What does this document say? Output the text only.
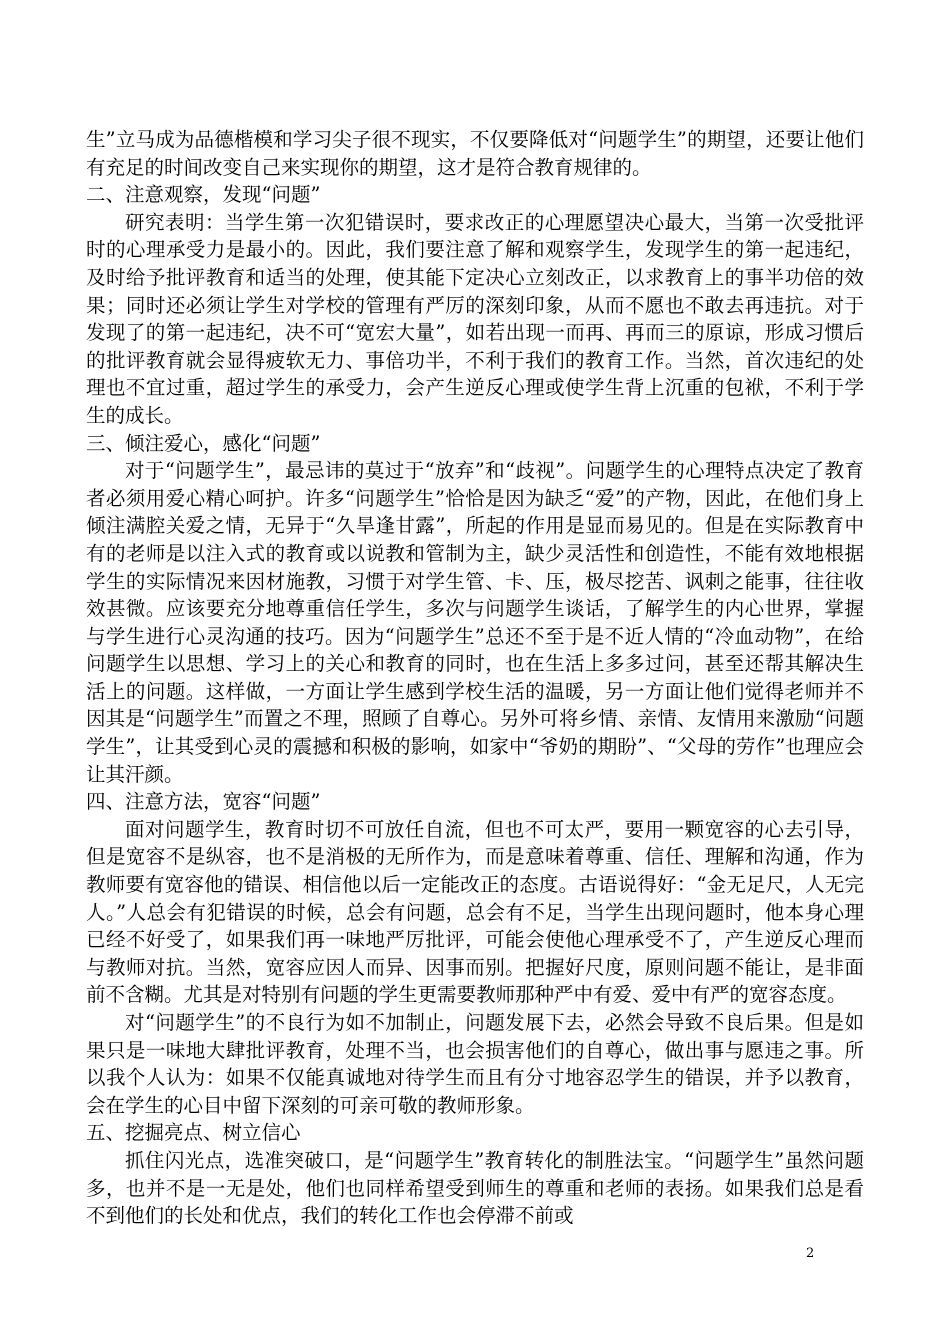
生”立马成为品德楷模和学习尖子很不现实，不仅要降低对“问题学生”的期望，还要让他们有充足的时间改变自己来实现你的期望，这才是符合教育规律的。

二、注意观察，发现“问题”

研究表明：当学生第一次犯错误时，要求改正的心理愿望决心最大，当第一次受批评时的心理承受力是最小的。因此，我们要注意了解和观察学生，发现学生的第一起违纪，及时给予批评教育和适当的处理，使其能下定决心立刻改正，以求教育上的事半功倍的效果；同时还必须让学生对学校的管理有严厉的深刻印象，从而不愿也不敢去再违抗。对于发现了的第一起违纪，决不可“宽宏大量”，如若出现一而再、再而三的原谅，形成习惯后的批评教育就会显得疲软无力、事倍功半，不利于我们的教育工作。当然，首次违纪的处理也不宜过重，超过学生的承受力，会产生逆反心理或使学生背上沉重的包袱，不利于学生的成长。

三、倾注爱心，感化“问题”

对于“问题学生”，最忌讳的莫过于“放弃”和“歧视”。问题学生的心理特点决定了教育者必须用爱心精心呵护。许多“问题学生”恰恰是因为缺乏“爱”的产物，因此，在他们身上倾注满腔关爱之情，无异于“久旱逢甘露”，所起的作用是显而易见的。但是在实际教育中有的老师是以注入式的教育或以说教和管制为主，缺少灵活性和创造性，不能有效地根据学生的实际情况来因材施教，习惯于对学生管、卡、压，极尽挖苦、讽刺之能事，往往收效甚微。应该要充分地尊重信任学生，多次与问题学生谈话，了解学生的内心世界，掌握与学生进行心灵沟通的技巧。因为“问题学生”总还不至于是不近人情的“冷血动物”，在给问题学生以思想、学习上的关心和教育的同时，也在生活上多多过问，甚至还帮其解决生活上的问题。这样做，一方面让学生感到学校生活的温暖，另一方面让他们觉得老师并不因其是“问题学生”而置之不理，照顾了自尊心。另外可将乡情、亲情、友情用来激励“问题学生”，让其受到心灵的震撼和积极的影响，如家中“爷奶的期盼”、“父母的劳作”也理应会让其汗颜。

四、注意方法，宽容“问题”

面对问题学生，教育时切不可放任自流，但也不可太严，要用一颗宽容的心去引导，但是宽容不是纵容，也不是消极的无所作为，而是意味着尊重、信任、理解和沟通，作为教师要有宽容他的错误、相信他以后一定能改正的态度。古语说得好：“金无足尺，人无完人。”人总会有犯错误的时候，总会有问题，总会有不足，当学生出现问题时，他本身心理已经不好受了，如果我们再一味地严厉批评，可能会使他心理承受不了，产生逆反心理而与教师对抗。当然，宽容应因人而异、因事而别。把握好尺度，原则问题不能让，是非面前不含糊。尤其是对特别有问题的学生更需要教师那种严中有爱、爱中有严的宽容态度。

对“问题学生”的不良行为如不加制止，问题发展下去，必然会导致不良后果。但是如果只是一味地大肆批评教育，处理不当，也会损害他们的自尊心，做出事与愿违之事。所以我个人认为：如果不仅能真诚地对待学生而且有分寸地容忍学生的错误，并予以教育，会在学生的心目中留下深刻的可亲可敬的教师形象。

五、挖掘亮点、树立信心

抓住闪光点，选准突破口，是“问题学生”教育转化的制胜法宝。“问题学生”虽然问题多，也并不是一无是处，他们也同样希望受到师生的尊重和老师的表扬。如果我们总是看不到他们的长处和优点，我们的转化工作也会停滞不前或

2
